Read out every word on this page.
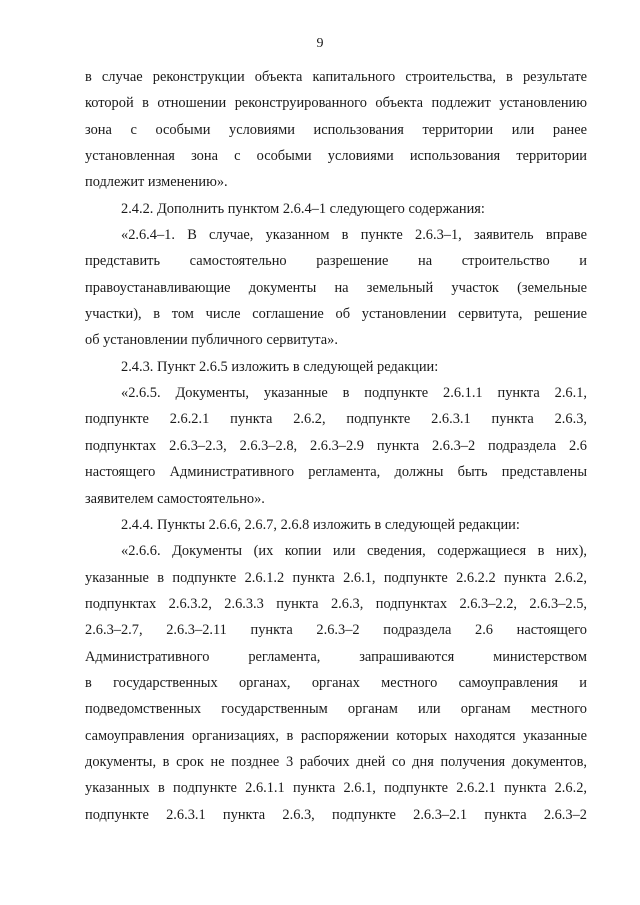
9
в случае реконструкции объекта капитального строительства, в результате
которой в отношении реконструированного объекта подлежит установлению
зона с особыми условиями использования территории или ранее
установленная зона с особыми условиями использования территории
подлежит изменению».
2.4.2. Дополнить пунктом 2.6.4–1 следующего содержания:
«2.6.4–1. В случае, указанном в пункте 2.6.3–1, заявитель вправе
представить самостоятельно разрешение на строительство и
правоустанавливающие документы на земельный участок (земельные
участки), в том числе соглашение об установлении сервитута, решение
об установлении публичного сервитута».
2.4.3. Пункт 2.6.5 изложить в следующей редакции:
«2.6.5. Документы, указанные в подпункте 2.6.1.1 пункта 2.6.1,
подпункте 2.6.2.1 пункта 2.6.2, подпункте 2.6.3.1 пункта 2.6.3,
подпунктах 2.6.3–2.3, 2.6.3–2.8, 2.6.3–2.9 пункта 2.6.3–2 подраздела 2.6
настоящего Административного регламента, должны быть представлены
заявителем самостоятельно».
2.4.4. Пункты 2.6.6, 2.6.7, 2.6.8 изложить в следующей редакции:
«2.6.6. Документы (их копии или сведения, содержащиеся в них),
указанные в подпункте 2.6.1.2 пункта 2.6.1, подпункте 2.6.2.2 пункта 2.6.2,
подпунктах 2.6.3.2, 2.6.3.3 пункта 2.6.3, подпунктах 2.6.3–2.2, 2.6.3–2.5,
2.6.3–2.7, 2.6.3–2.11 пункта 2.6.3–2 подраздела 2.6 настоящего
Административного регламента, запрашиваются министерством
в государственных органах, органах местного самоуправления и
подведомственных государственным органам или органам местного
самоуправления организациях, в распоряжении которых находятся указанные
документы, в срок не позднее 3 рабочих дней со дня получения документов,
указанных в подпункте 2.6.1.1 пункта 2.6.1, подпункте 2.6.2.1 пункта 2.6.2,
подпункте 2.6.3.1 пункта 2.6.3, подпункте 2.6.3–2.1 пункта 2.6.3–2
